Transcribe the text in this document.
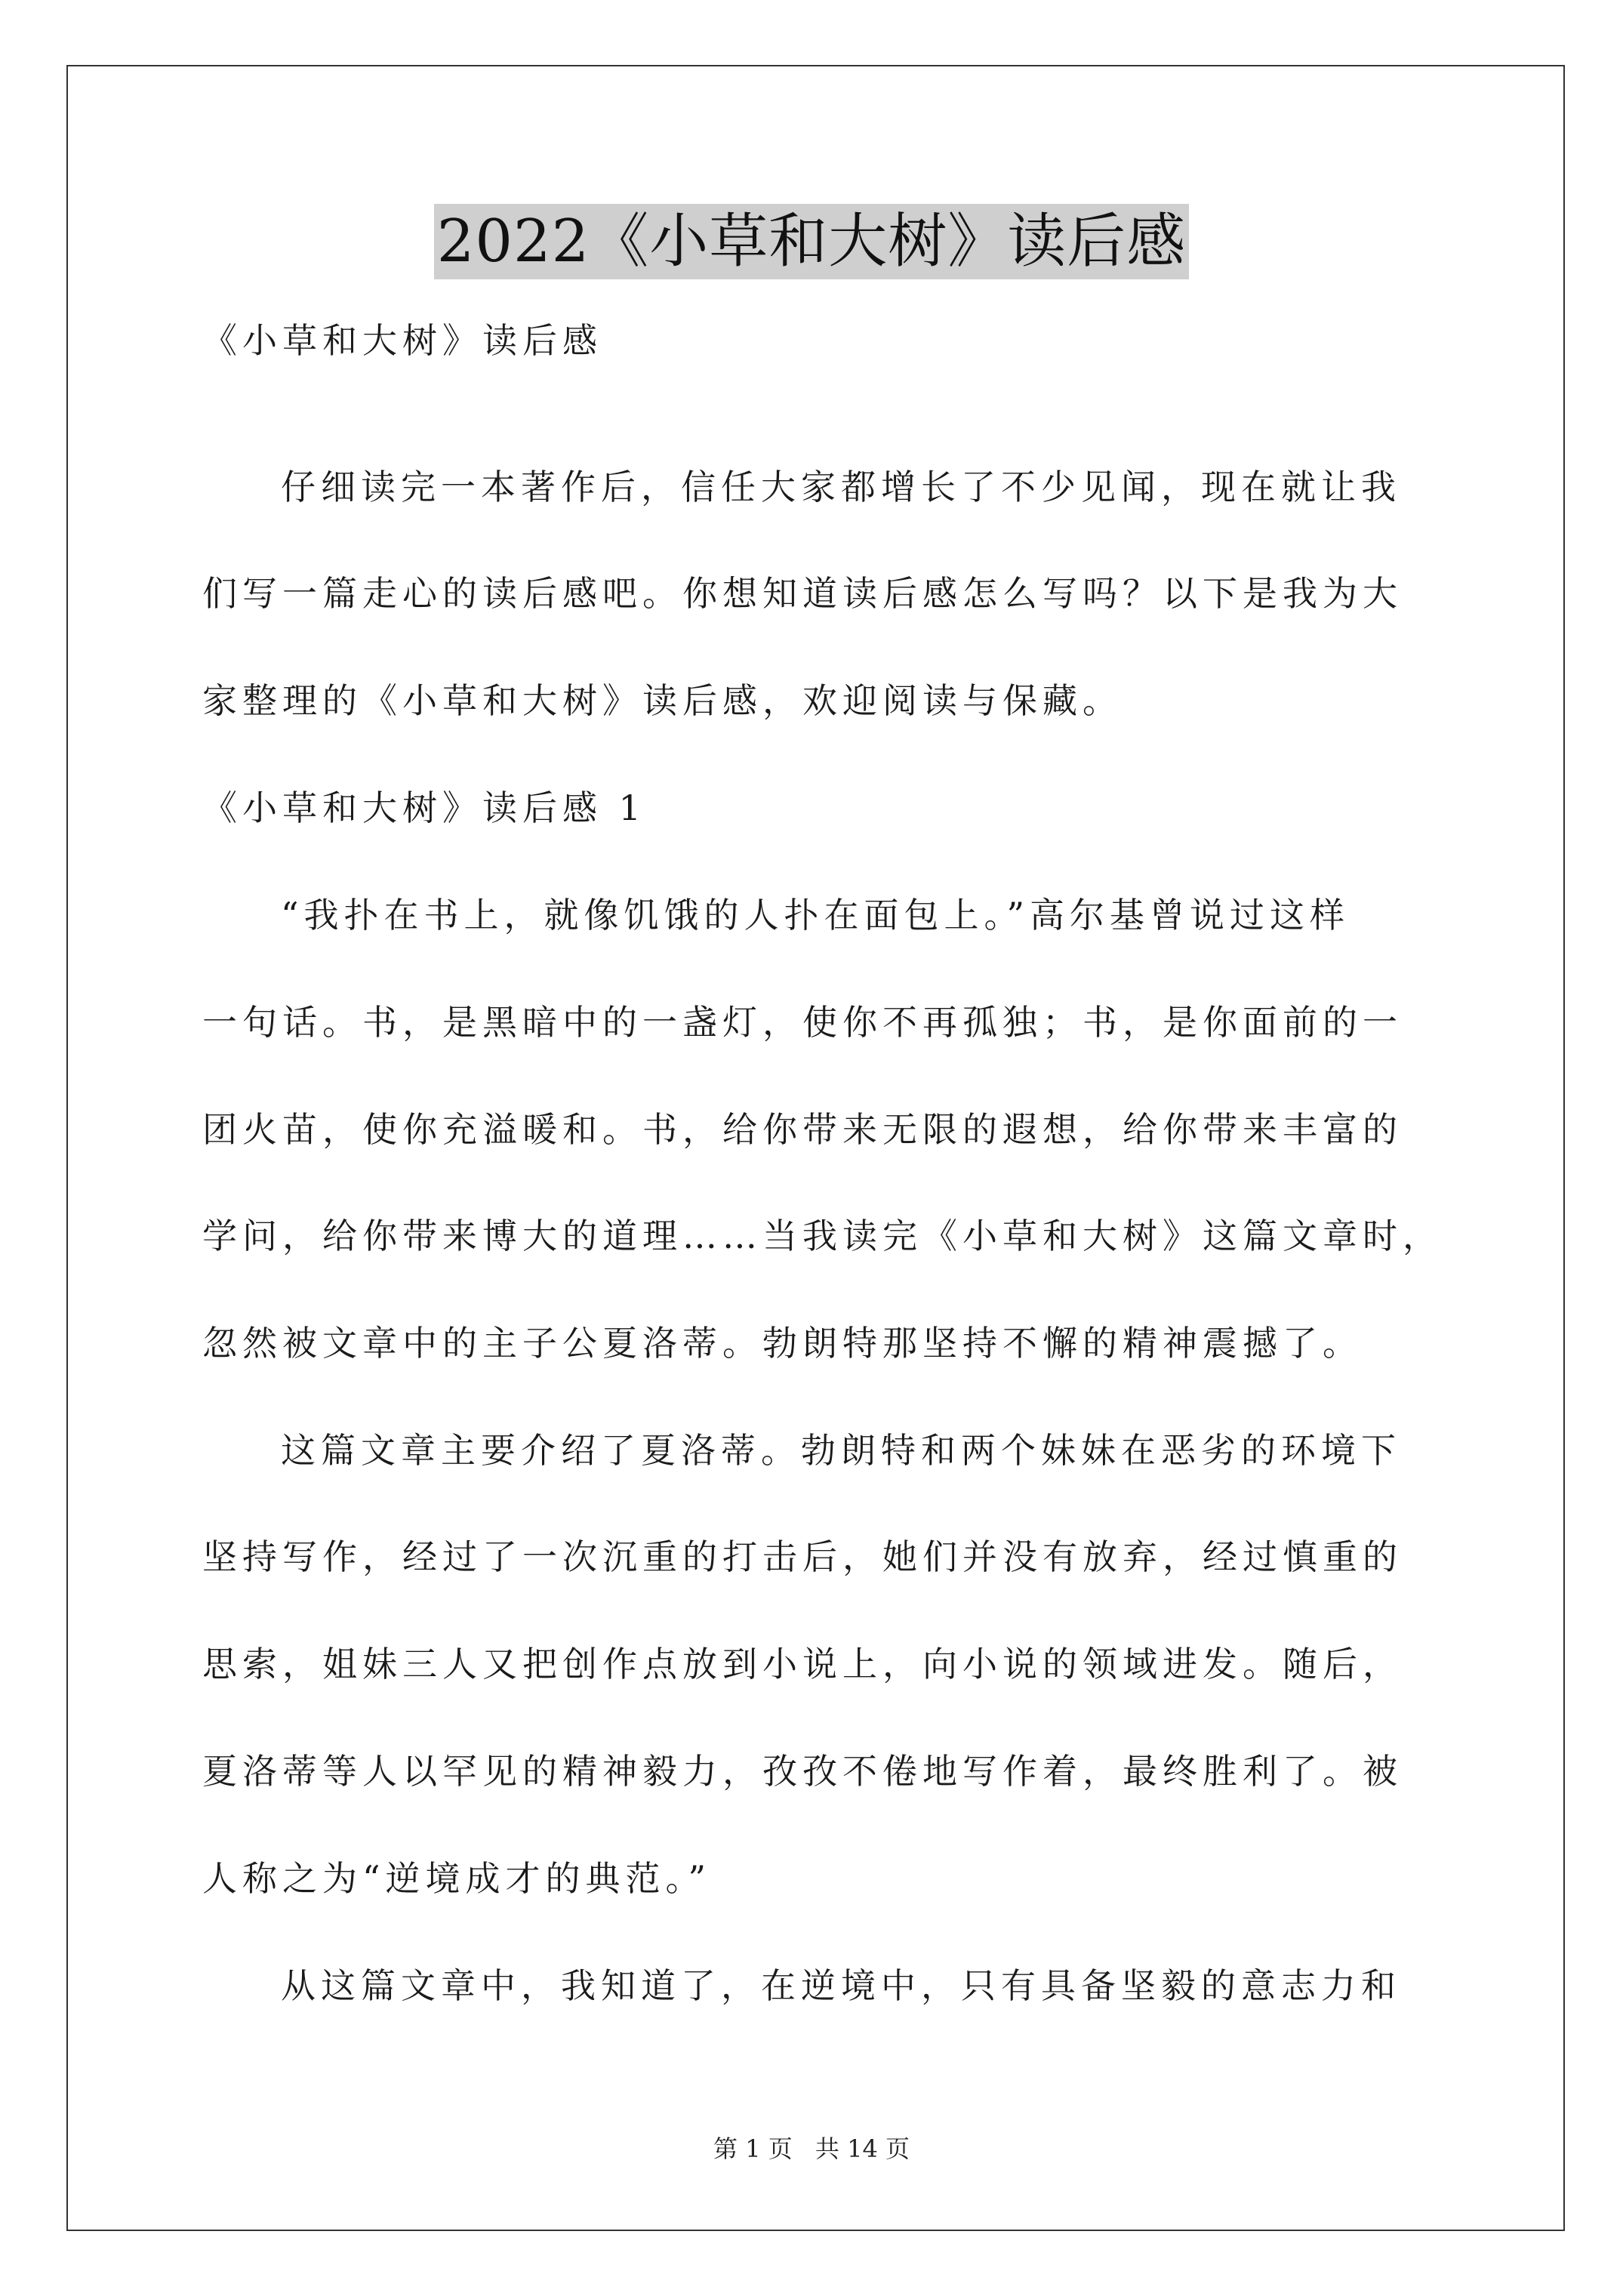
2022《小草和大树》读后感
《小草和大树》读后感
仔细读完一本著作后，信任大家都增长了不少见闻，现在就让我
们写一篇走心的读后感吧。你想知道读后感怎么写吗？以下是我为大
家整理的《小草和大树》读后感，欢迎阅读与保藏。
《小草和大树》读后感 1
“我扑在书上，就像饥饿的人扑在面包上。”高尔基曾说过这样
一句话。书，是黑暗中的一盏灯，使你不再孤独；书，是你面前的一
团火苗，使你充溢暖和。书，给你带来无限的遐想，给你带来丰富的
学问，给你带来博大的道理……当我读完《小草和大树》这篇文章时，
忽然被文章中的主子公夏洛蒂。勃朗特那坚持不懈的精神震撼了。
这篇文章主要介绍了夏洛蒂。勃朗特和两个妹妹在恶劣的环境下
坚持写作，经过了一次沉重的打击后，她们并没有放弃，经过慎重的
思索，姐妹三人又把创作点放到小说上，向小说的领域进发。随后，
夏洛蒂等人以罕见的精神毅力，孜孜不倦地写作着，最终胜利了。被
人称之为“逆境成才的典范。”
从这篇文章中，我知道了，在逆境中，只有具备坚毅的意志力和
第 1 页 共 14 页
